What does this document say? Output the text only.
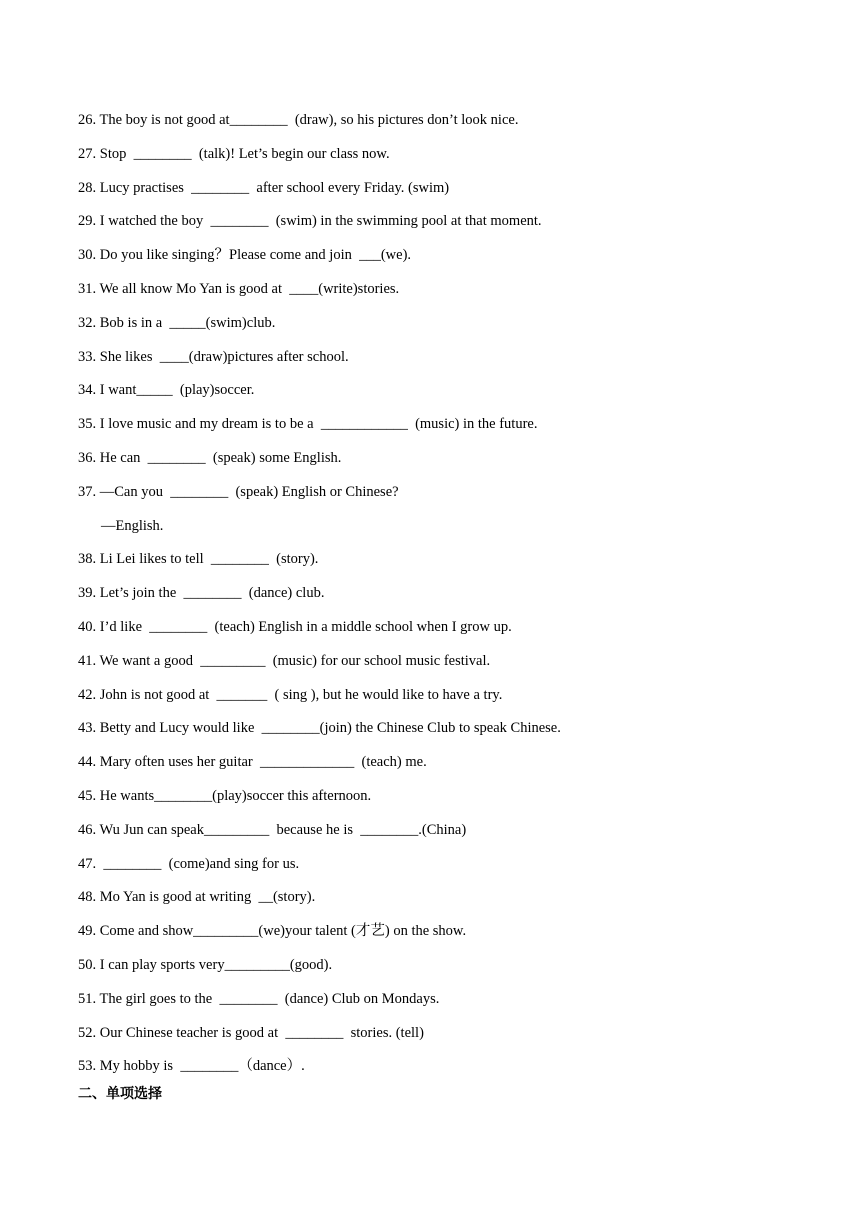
26. The boy is not good at________  (draw), so his pictures don’t look nice.
27. Stop  ________  (talk)! Let’s begin our class now.
28. Lucy practises  ________  after school every Friday. (swim)
29. I watched the boy  ________  (swim) in the swimming pool at that moment.
30. Do you like singing？Please come and join  ___(we).
31. We all know Mo Yan is good at  ____(write)stories.
32. Bob is in a  _____(swim)club.
33. She likes  ____(draw)pictures after school.
34. I want_____  (play)soccer.
35. I love music and my dream is to be a  ____________  (music) in the future.
36. He can  ________  (speak) some English.
37. —Can you  ________  (speak) English or Chinese?
—English.
38. Li Lei likes to tell  ________  (story).
39. Let’s join the  ________  (dance) club.
40. I’d like  ________  (teach) English in a middle school when I grow up.
41. We want a good  _________  (music) for our school music festival.
42. John is not good at  _______  ( sing ), but he would like to have a try.
43. Betty and Lucy would like  ________(join) the Chinese Club to speak Chinese.
44. Mary often uses her guitar  _____________  (teach) me.
45. He wants________(play)soccer this afternoon.
46. Wu Jun can speak_________  because he is  ________.(China)
47.  ________  (come)and sing for us.
48. Mo Yan is good at writing  __(story).
49. Come and show_________(we)your talent (才艺) on the show.
50. I can play sports very_________(good).
51. The girl goes to the  ________  (dance) Club on Mondays.
52. Our Chinese teacher is good at  ________  stories. (tell)
53. My hobby is  ________（dance）.
二、单项选择
